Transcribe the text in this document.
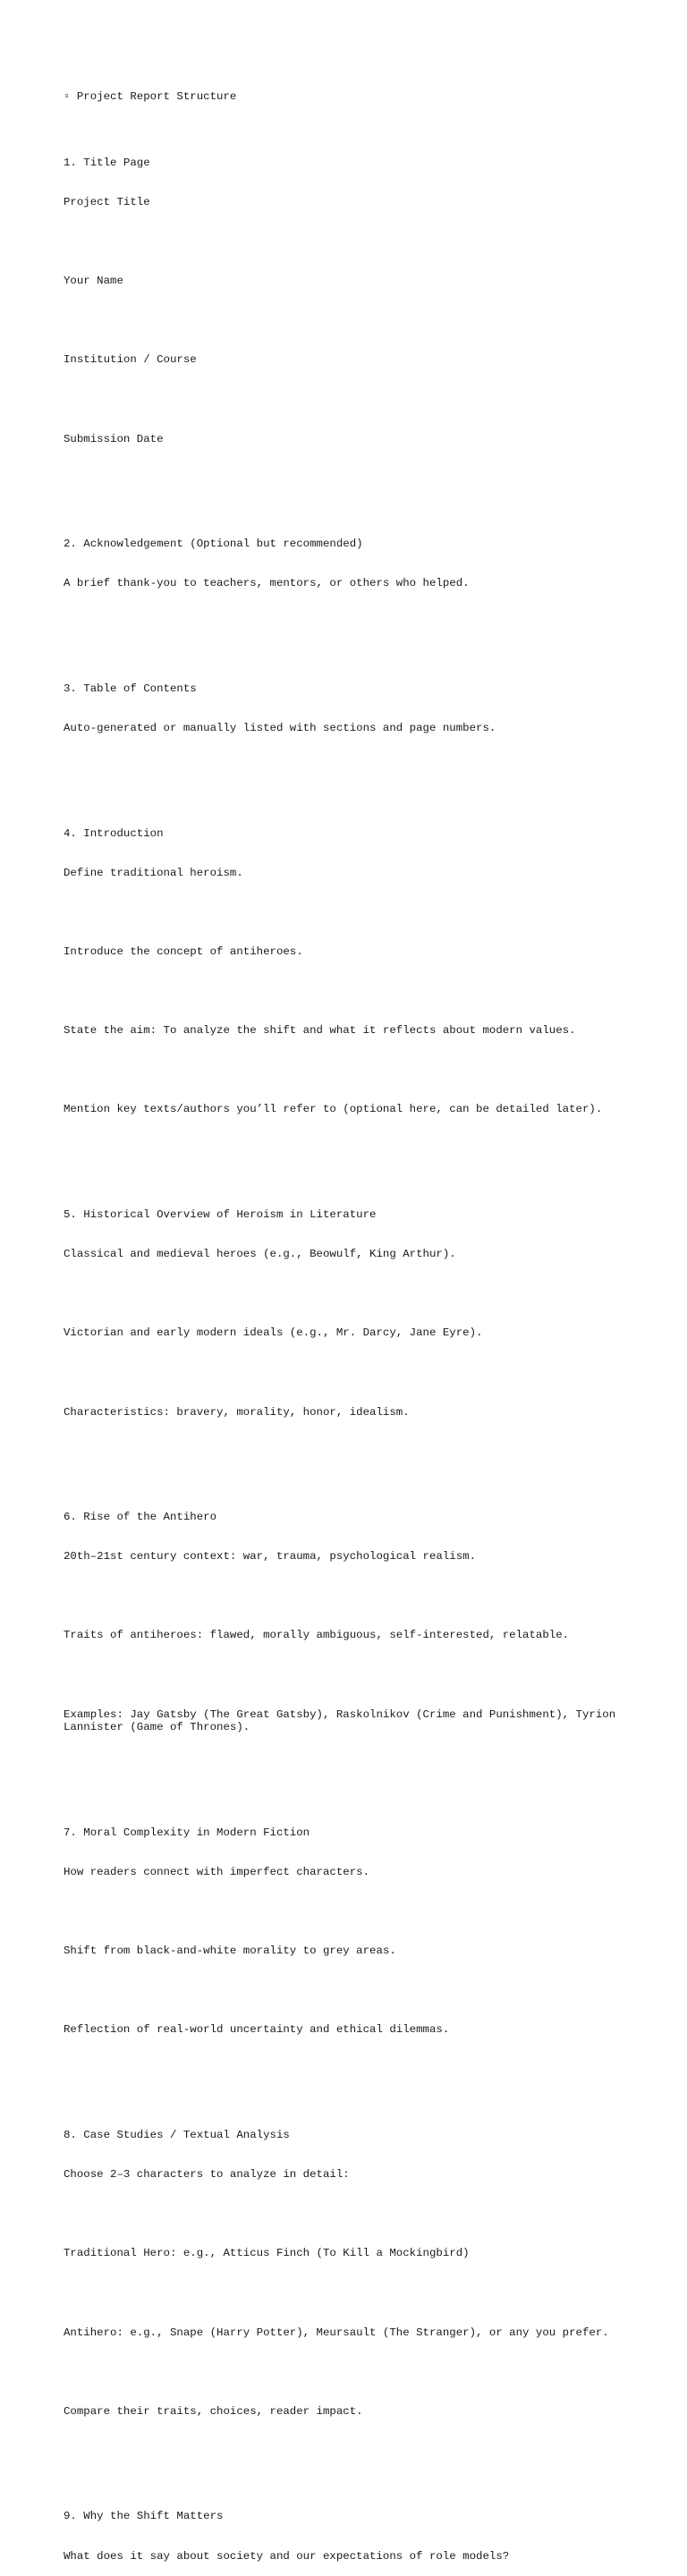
▫ Project Report Structure

1. Title Page

Project Title

Your Name

Institution / Course

Submission Date

2. Acknowledgement (Optional but recommended)

A brief thank-you to teachers, mentors, or others who helped.

3. Table of Contents

Auto-generated or manually listed with sections and page numbers.

4. Introduction

Define traditional heroism.

Introduce the concept of antiheroes.

State the aim: To analyze the shift and what it reflects about modern values.

Mention key texts/authors you’ll refer to (optional here, can be detailed later).

5. Historical Overview of Heroism in Literature

Classical and medieval heroes (e.g., Beowulf, King Arthur).

Victorian and early modern ideals (e.g., Mr. Darcy, Jane Eyre).

Characteristics: bravery, morality, honor, idealism.

6. Rise of the Antihero

20th–21st century context: war, trauma, psychological realism.

Traits of antiheroes: flawed, morally ambiguous, self-interested, relatable.

Examples: Jay Gatsby (The Great Gatsby), Raskolnikov (Crime and Punishment), Tyrion
Lannister (Game of Thrones).

7. Moral Complexity in Modern Fiction

How readers connect with imperfect characters.

Shift from black-and-white morality to grey areas.

Reflection of real-world uncertainty and ethical dilemmas.

8. Case Studies / Textual Analysis

Choose 2–3 characters to analyze in detail:

Traditional Hero: e.g., Atticus Finch (To Kill a Mockingbird)

Antihero: e.g., Snape (Harry Potter), Meursault (The Stranger), or any you prefer.

Compare their traits, choices, reader impact.

9. Why the Shift Matters

What does it say about society and our expectations of role models?
